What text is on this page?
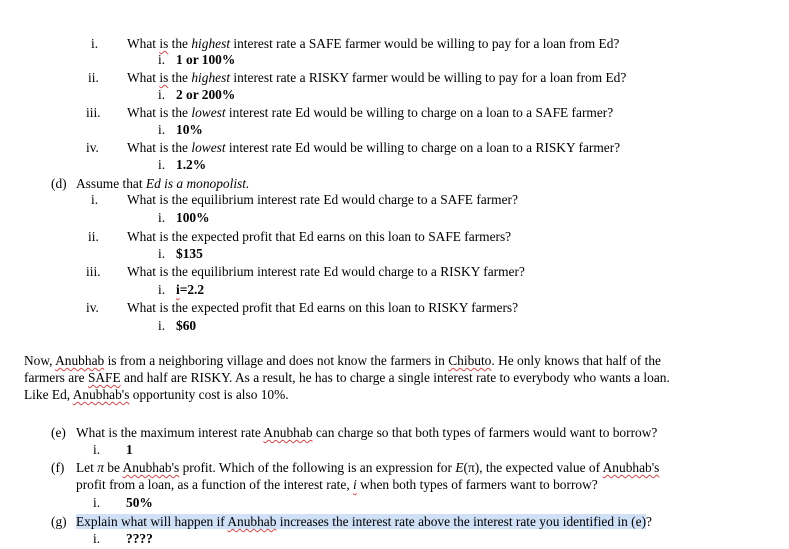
i. What is the highest interest rate a SAFE farmer would be willing to pay for a loan from Ed?
i. 1 or 100%
ii. What is the highest interest rate a RISKY farmer would be willing to pay for a loan from Ed?
i. 2 or 200%
iii. What is the lowest interest rate Ed would be willing to charge on a loan to a SAFE farmer?
i. 10%
iv. What is the lowest interest rate Ed would be willing to charge on a loan to a RISKY farmer?
i. 1.2%
(d) Assume that Ed is a monopolist.
i. What is the equilibrium interest rate Ed would charge to a SAFE farmer?
i. 100%
ii. What is the expected profit that Ed earns on this loan to SAFE farmers?
i. $135
iii. What is the equilibrium interest rate Ed would charge to a RISKY farmer?
i. i=2.2
iv. What is the expected profit that Ed earns on this loan to RISKY farmers?
i. $60
Now, Anubhab is from a neighboring village and does not know the farmers in Chibuto. He only knows that half of the
farmers are SAFE and half are RISKY. As a result, he has to charge a single interest rate to everybody who wants a loan.
Like Ed, Anubhab's opportunity cost is also 10%.
(e) What is the maximum interest rate Anubhab can charge so that both types of farmers would want to borrow?
i. 1
(f) Let π be Anubhab's profit. Which of the following is an expression for E(π), the expected value of Anubhab's
profit from a loan, as a function of the interest rate, i when both types of farmers want to borrow?
i. 50%
(g) Explain what will happen if Anubhab increases the interest rate above the interest rate you identified in (e)?
i. ????
